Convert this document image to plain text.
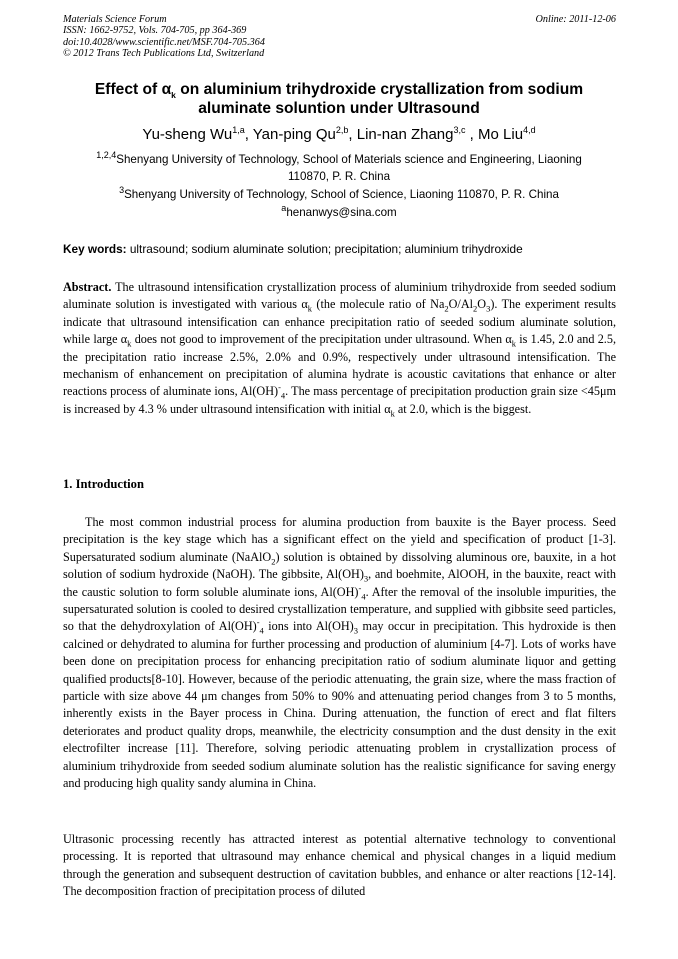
Materials Science Forum
ISSN: 1662-9752, Vols. 704-705, pp 364-369
doi:10.4028/www.scientific.net/MSF.704-705.364
© 2012 Trans Tech Publications Ltd, Switzerland
Online: 2011-12-06
Effect of $\alpha_k$ on aluminium trihydroxide crystallization from sodium
aluminate soluntion under Ultrasound
Yu-sheng Wu$^{1,a}$, Yan-ping Qu$^{2,b}$, Lin-nan Zhang$^{3,c}$ , Mo Liu$^{4,d}$
$^{1,2,4}$Shenyang University of Technology, School of Materials science and Engineering, Liaoning
110870, P. R. China
$^3$Shenyang University of Technology, School of Science, Liaoning 110870, P. R. China
$^a$henanwys@sina.com
Key words: ultrasound; sodium aluminate solution; precipitation; aluminium trihydroxide
Abstract. The ultrasound intensification crystallization process of aluminium trihydroxide from seeded sodium aluminate solution is investigated with various $\alpha_k$ (the molecule ratio of $Na_2O/Al_2O_3$). The experiment results indicate that ultrasound intensification can enhance precipitation ratio of seeded sodium aluminate solution, while large $\alpha_k$ does not good to improvement of the precipitation under ultrasound. When $\alpha_k$ is 1.45, 2.0 and 2.5, the precipitation ratio increase 2.5%, 2.0% and 0.9%, respectively under ultrasound intensification. The mechanism of enhancement on precipitation of alumina hydrate is acoustic cavitations that enhance or alter reactions process of aluminate ions, $Al(OH)^-_4$. The mass percentage of precipitation production grain size <45μm is increased by 4.3 % under ultrasound intensification with initial $\alpha_k$ at 2.0, which is the biggest.
1. Introduction
The most common industrial process for alumina production from bauxite is the Bayer process. Seed precipitation is the key stage which has a significant effect on the yield and specification of product [1-3]. Supersaturated sodium aluminate (NaAlO$_2$) solution is obtained by dissolving aluminous ore, bauxite, in a hot solution of sodium hydroxide (NaOH). The gibbsite, $Al(OH)_3$, and boehmite, AlOOH, in the bauxite, react with the caustic solution to form soluble aluminate ions, $Al(OH)^-_4$. After the removal of the insoluble impurities, the supersaturated solution is cooled to desired crystallization temperature, and supplied with gibbsite seed particles, so that the dehydroxylation of $Al(OH)^-_4$ ions into $Al(OH)_3$ may occur in precipitation. This hydroxide is then calcined or dehydrated to alumina for further processing and production of aluminium [4-7]. Lots of works have been done on precipitation process for enhancing precipitation ratio of sodium aluminate liquor and getting qualified products[8-10]. However, because of the periodic attenuating, the grain size, where the mass fraction of particle with size above 44 μm changes from 50% to 90% and attenuating period changes from 3 to 5 months, inherently exists in the Bayer process in China. During attenuation, the function of erect and flat filters deteriorates and product quality drops, meanwhile, the electricity consumption and the dust density in the exit electrofilter increase [11]. Therefore, solving periodic attenuating problem in crystallization process of aluminium trihydroxide from seeded sodium aluminate solution has the realistic significance for saving energy and producing high quality sandy alumina in China.
Ultrasonic processing recently has attracted interest as potential alternative technology to conventional processing. It is reported that ultrasound may enhance chemical and physical changes in a liquid medium through the generation and subsequent destruction of cavitation bubbles, and enhance or alter reactions [12-14]. The decomposition fraction of precipitation process of diluted
